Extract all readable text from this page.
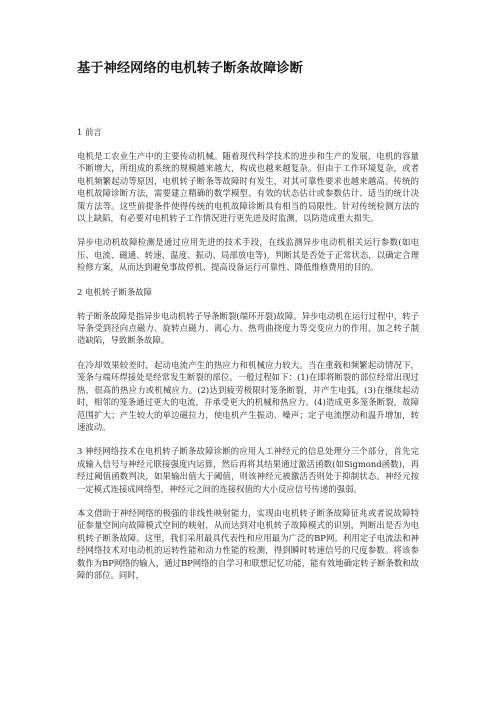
基于神经网络的电机转子断条故障诊断

1 前言

电机是工农业生产中的主要传动机械。随着现代科学技术的进步和生产的发展，电机的容量不断增大，所组成的系统的规模越来越大，构成也越来越复杂。但由于工作环境复杂，或者电机频繁起动等原因，电机转子断条等故障时有发生，对其可靠性要求也越来越高。传统的电机故障诊断方法，需要建立精确的数学模型、有效的状态估计或参数估计、适当的统计决策方法等。这些前提条件使得传统的电机故障诊断具有相当的局限性。针对传统检测方法的以上缺陷，有必要对电机转子工作情况进行更先进及时监测，以防造成重大损失。

异步电动机故障检测是通过应用先进的技术手段，在线监测异步电动机相关运行参数(如电压、电流、磁通、转速、温度、振动、局部放电等)，判断其是否处于正常状态，以确定合理检修方案，从而达到避免事故停机、提高设备运行可靠性、降低维修费用的目的。

2 电机转子断条故障

转子断条故障是指异步电动机转子导条断裂(端环开裂)故障。异步电动机在运行过程中，转子导条受到径向点磁力、旋转点磁力、离心力、热弯曲挠度力等交变应力的作用，加之转子制造缺陷，导致断条故障。

在冷却效果较差时，起动电流产生的热应力和机械应力较大。当在重载和频繁起动情况下，笼条与端环焊接处是经常发生断裂的部位。一般过程如下：(1)在即将断裂的部位经常出现过热，很高的热应力或机械应力。(2)达到疲劳极限时笼条断裂，并产生电弧。(3)在继续起动时，相邻的笼条通过更大的电流，并承受更大的机械和热应力。(4)造成更多笼条断裂，故障范围扩大；产生较大的单边磁拉力，使电机产生振动、噪声；定子电流摆动和温升增加，转速波动。

3 神经网络技术在电机转子断条故障诊断的应用人工神经元的信息处理分三个部分，首先完成输入信号与神经元联接强度内运算，然后再将其结果通过激活函数(如Sigmond函数)，再经过阈值函数判决，如果输出值大于阈值，则该神经元被激活否则处于抑制状态。神经元按一定模式连接成网络型，神经元之间的连接权值的大小反应信号传递的强弱。

本文借助于神经网络的极强的非线性映射能力，实现由电机转子断条故障征兆或者说故障特征参量空间向故障模式空间的映射，从而达到对电机转子故障模式的识别，判断出是否为电机转子断条故障。这里，我们采用最具代表性和应用最为广泛的BP网。利用定子电流法和神经网络技术对电动机的运转性能和动力性能的检测，得到瞬时转速信号的尺度参数。将该参数作为BP网络的输入，通过BP网络的自学习和联想记忆功能，能有效地确定转子断条数和故障的部位。同时，
